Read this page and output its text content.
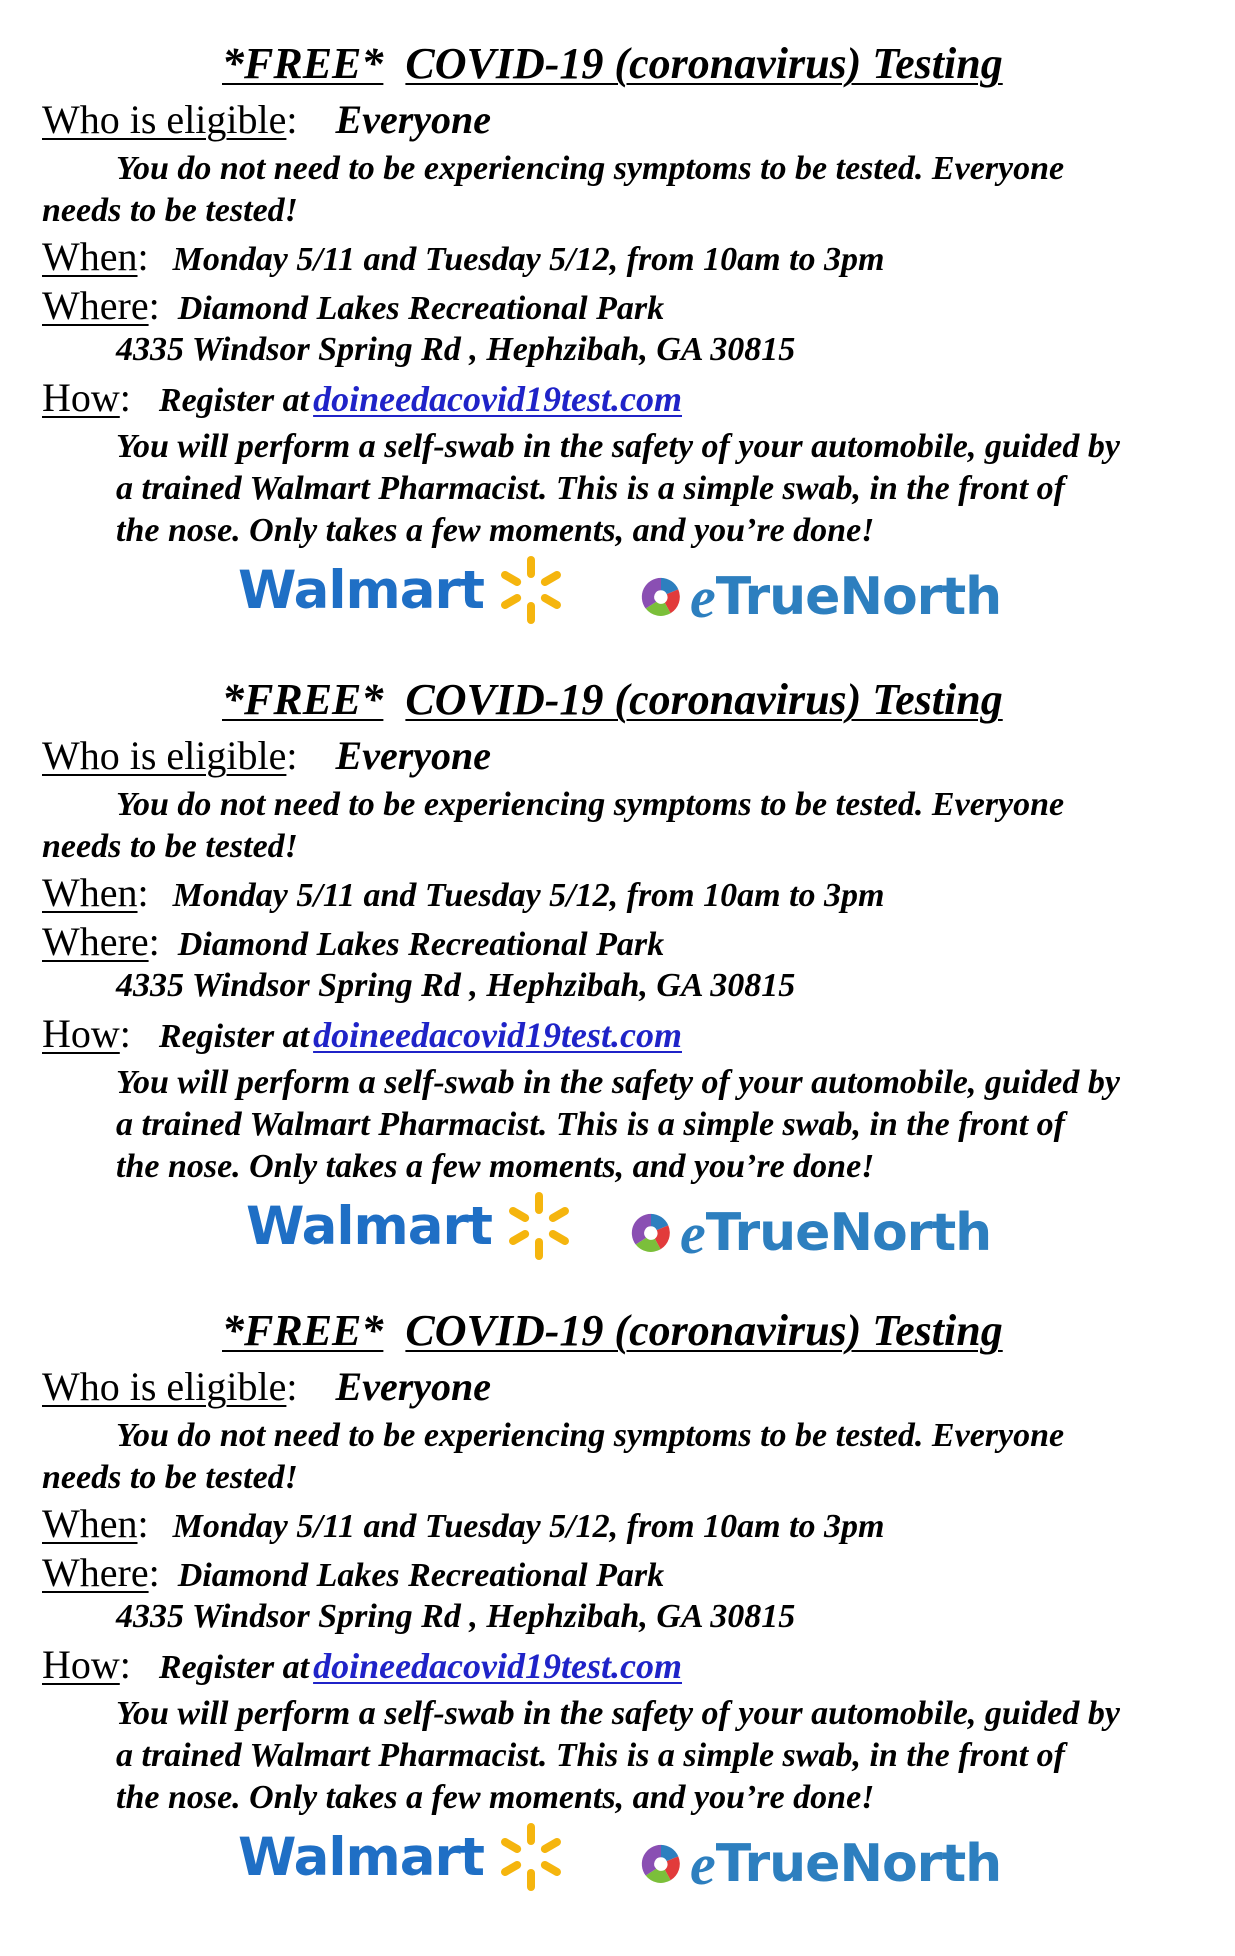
*FREE* COVID-19 (coronavirus) Testing
Who is eligible: Everyone
You do not need to be experiencing symptoms to be tested. Everyone
needs to be tested!
When: Monday 5/11 and Tuesday 5/12, from 10am to 3pm
Where: Diamond Lakes Recreational Park
4335 Windsor Spring Rd , Hephzibah, GA 30815
How: Register at doineedacovid19test.com
You will perform a self-swab in the safety of your automobile, guided by
a trained Walmart Pharmacist. This is a simple swab, in the front of
the nose. Only takes a few moments, and you’re done!
Walmart	e TrueNorth
*FREE* COVID-19 (coronavirus) Testing
Who is eligible: Everyone
You do not need to be experiencing symptoms to be tested. Everyone
needs to be tested!
When: Monday 5/11 and Tuesday 5/12, from 10am to 3pm
Where: Diamond Lakes Recreational Park
4335 Windsor Spring Rd , Hephzibah, GA 30815
How: Register at doineedacovid19test.com
You will perform a self-swab in the safety of your automobile, guided by
a trained Walmart Pharmacist. This is a simple swab, in the front of
the nose. Only takes a few moments, and you’re done!
Walmart	e TrueNorth
*FREE* COVID-19 (coronavirus) Testing
Who is eligible: Everyone
You do not need to be experiencing symptoms to be tested. Everyone
needs to be tested!
When: Monday 5/11 and Tuesday 5/12, from 10am to 3pm
Where: Diamond Lakes Recreational Park
4335 Windsor Spring Rd , Hephzibah, GA 30815
How: Register at doineedacovid19test.com
You will perform a self-swab in the safety of your automobile, guided by
a trained Walmart Pharmacist. This is a simple swab, in the front of
the nose. Only takes a few moments, and you’re done!
Walmart	e TrueNorth
